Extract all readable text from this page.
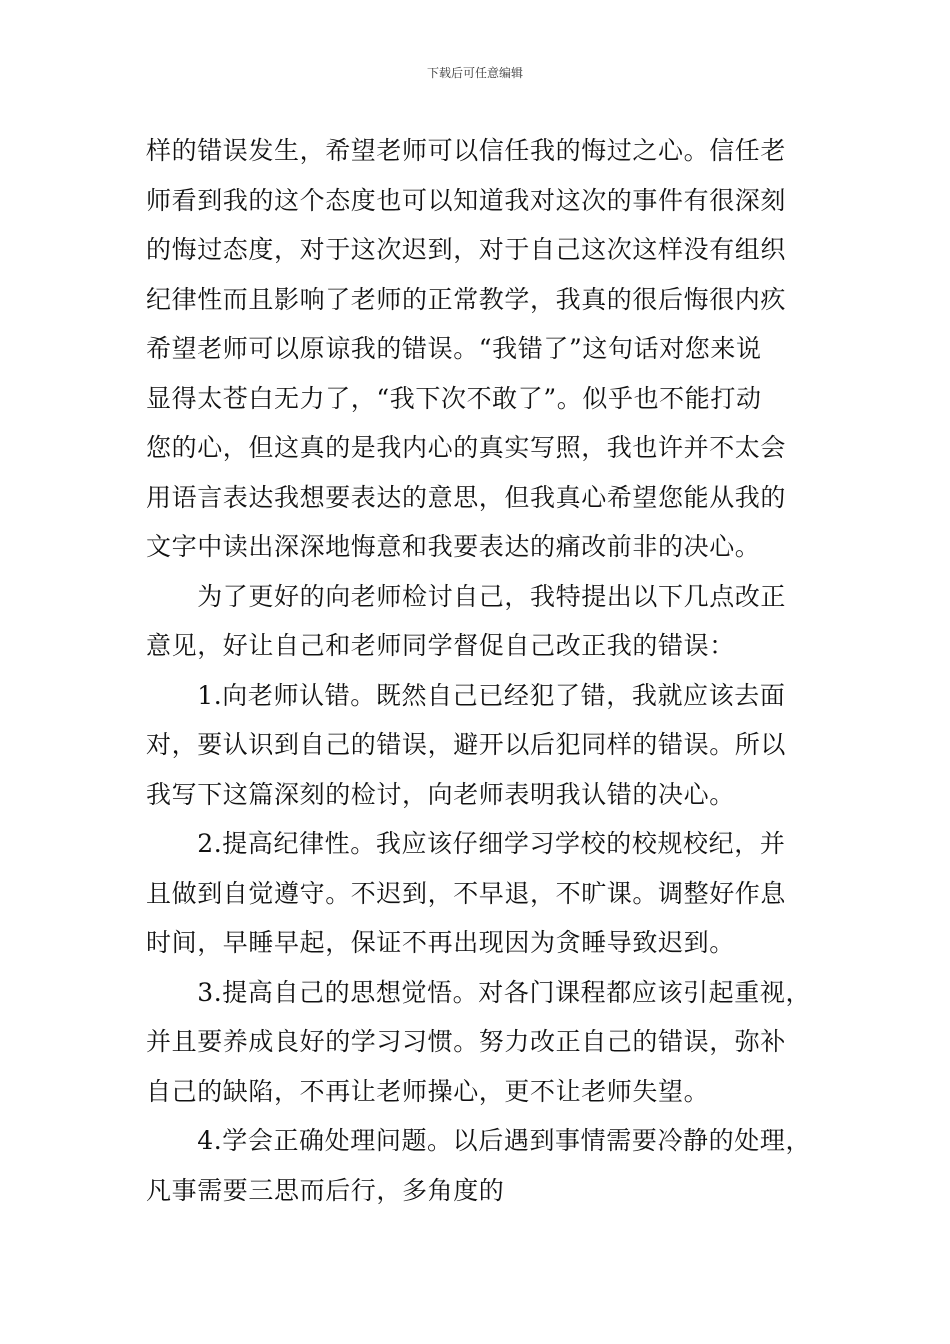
下载后可任意编辑
样的错误发生，希望老师可以信任我的悔过之心。信任老
师看到我的这个态度也可以知道我对这次的事件有很深刻
的悔过态度，对于这次迟到，对于自己这次这样没有组织
纪律性而且影响了老师的正常教学，我真的很后悔很内疚
希望老师可以原谅我的错误。“我错了”这句话对您来说
显得太苍白无力了，“我下次不敢了”。似乎也不能打动
您的心，但这真的是我内心的真实写照，我也许并不太会
用语言表达我想要表达的意思，但我真心希望您能从我的
文字中读出深深地悔意和我要表达的痛改前非的决心。
　　为了更好的向老师检讨自己，我特提出以下几点改正
意见，好让自己和老师同学督促自己改正我的错误：
　　1.向老师认错。既然自己已经犯了错，我就应该去面
对，要认识到自己的错误，避开以后犯同样的错误。所以
我写下这篇深刻的检讨，向老师表明我认错的决心。
　　2.提高纪律性。我应该仔细学习学校的校规校纪，并
且做到自觉遵守。不迟到，不早退，不旷课。调整好作息
时间，早睡早起，保证不再出现因为贪睡导致迟到。
　　3.提高自己的思想觉悟。对各门课程都应该引起重视，
并且要养成良好的学习习惯。努力改正自己的错误，弥补
自己的缺陷，不再让老师操心，更不让老师失望。
　　4.学会正确处理问题。以后遇到事情需要冷静的处理，
凡事需要三思而后行，多角度的
